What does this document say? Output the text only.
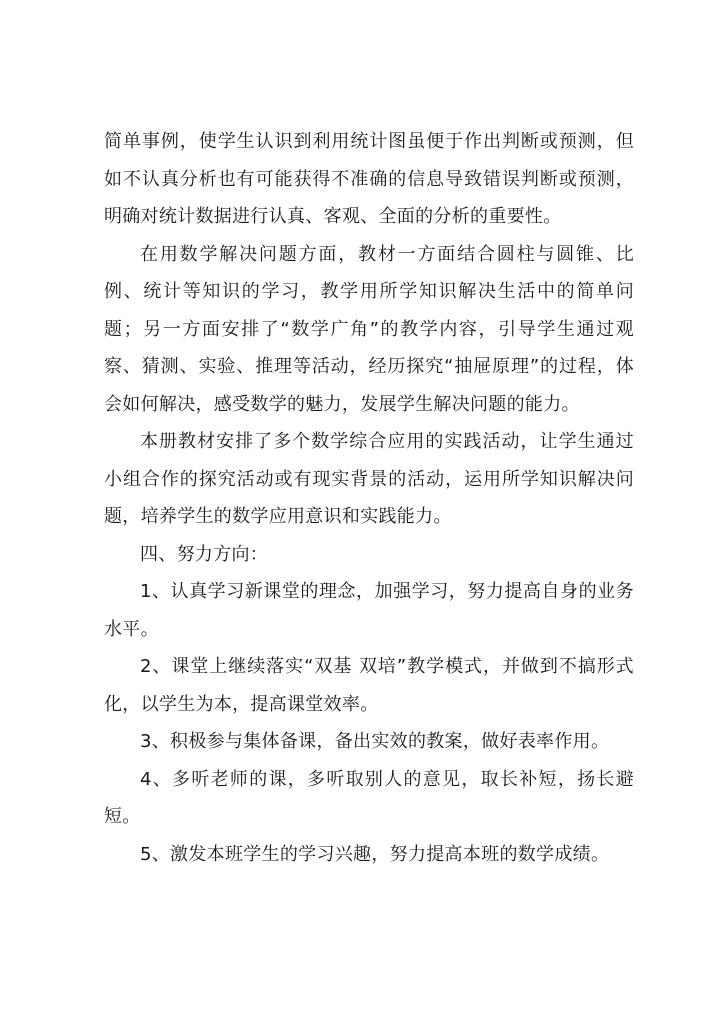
简单事例，使学生认识到利用统计图虽便于作出判断或预测，但如不认真分析也有可能获得不准确的信息导致错误判断或预测，明确对统计数据进行认真、客观、全面的分析的重要性。

在用数学解决问题方面，教材一方面结合圆柱与圆锥、比例、统计等知识的学习，教学用所学知识解决生活中的简单问题；另一方面安排了“数学广角”的教学内容，引导学生通过观察、猜测、实验、推理等活动，经历探究“抽屉原理”的过程，体会如何解决，感受数学的魅力，发展学生解决问题的能力。

本册教材安排了多个数学综合应用的实践活动，让学生通过小组合作的探究活动或有现实背景的活动，运用所学知识解决问题，培养学生的数学应用意识和实践能力。

四、努力方向：

1、认真学习新课堂的理念，加强学习，努力提高自身的业务水平。

2、课堂上继续落实“双基 双培”教学模式，并做到不搞形式化，以学生为本，提高课堂效率。

3、积极参与集体备课，备出实效的教案，做好表率作用。

4、多听老师的课，多听取别人的意见，取长补短，扬长避短。

5、激发本班学生的学习兴趣，努力提高本班的数学成绩。
